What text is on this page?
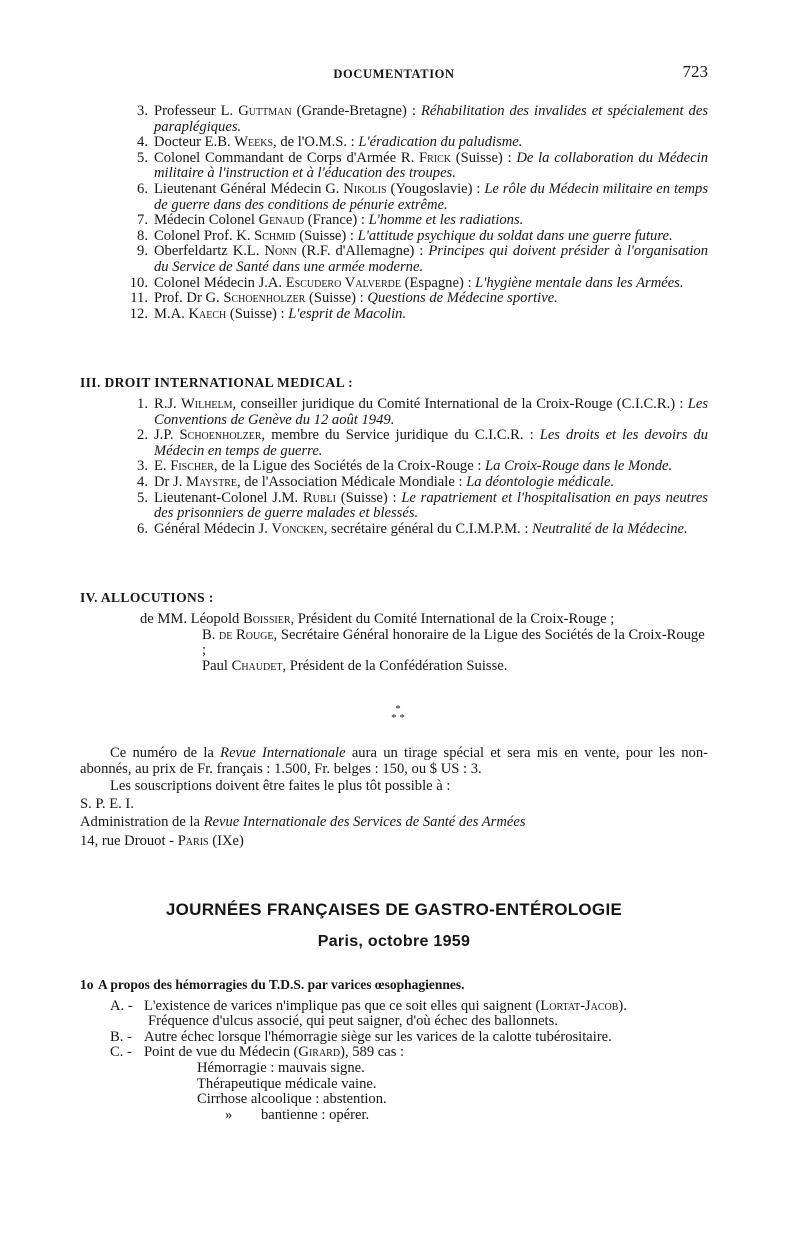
DOCUMENTATION	723
3. Professeur L. Guttman (Grande-Bretagne) : Réhabilitation des invalides et spécialement des paraplégiques.
4. Docteur E.B. Weeks, de l'O.M.S. : L'éradication du paludisme.
5. Colonel Commandant de Corps d'Armée R. Frick (Suisse) : De la collaboration du Médecin militaire à l'instruction et à l'éducation des troupes.
6. Lieutenant Général Médecin G. Nikolis (Yougoslavie) : Le rôle du Médecin militaire en temps de guerre dans des conditions de pénurie extrême.
7. Médecin Colonel Genaud (France) : L'homme et les radiations.
8. Colonel Prof. K. Schmid (Suisse) : L'attitude psychique du soldat dans une guerre future.
9. Oberfeldartz K.L. Nonn (R.F. d'Allemagne) : Principes qui doivent présider à l'organisation du Service de Santé dans une armée moderne.
10. Colonel Médecin J.A. Escudero Valverde (Espagne) : L'hygiène mentale dans les Armées.
11. Prof. Dr G. Schoenholzer (Suisse) : Questions de Médecine sportive.
12. M.A. Kaech (Suisse) : L'esprit de Macolin.
III. DROIT INTERNATIONAL MEDICAL :
1. R.J. Wilhelm, conseiller juridique du Comité International de la Croix-Rouge (C.I.C.R.) : Les Conventions de Genève du 12 août 1949.
2. J.P. Schoenholzer, membre du Service juridique du C.I.C.R. : Les droits et les devoirs du Médecin en temps de guerre.
3. E. Fischer, de la Ligue des Sociétés de la Croix-Rouge : La Croix-Rouge dans le Monde.
4. Dr J. Maystre, de l'Association Médicale Mondiale : La déontologie médicale.
5. Lieutenant-Colonel J.M. Rubli (Suisse) : Le rapatriement et l'hospitalisation en pays neutres des prisonniers de guerre malades et blessés.
6. Général Médecin J. Voncken, secrétaire général du C.I.M.P.M. : Neutralité de la Médecine.
IV. ALLOCUTIONS :
de MM. Léopold Boissier, Président du Comité International de la Croix-Rouge ;
B. de Rouge, Secrétaire Général honoraire de la Ligue des Sociétés de la Croix-Rouge ;
Paul Chaudet, Président de la Confédération Suisse.
*
* *

Ce numéro de la Revue Internationale aura un tirage spécial et sera mis en vente, pour les non-abonnés, au prix de Fr. français : 1.500, Fr. belges : 150, ou $ US : 3.

Les souscriptions doivent être faites le plus tôt possible à :

S. P. E. I.

Administration de la Revue Internationale des Services de Santé des Armées

14, rue Drouot - Paris (IXe)

JOURNÉES FRANÇAISES DE GASTRO-ENTÉROLOGIE
Paris, octobre 1959
1o A propos des hémorragies du T.D.S. par varices œsophagiennes.
A. - L'existence de varices n'implique pas que ce soit elles qui saignent (Lortat-Jacob).
Fréquence d'ulcus associé, qui peut saigner, d'où échec des ballonnets.
B. - Autre échec lorsque l'hémorragie siège sur les varices de la calotte tubérositaire.
C. - Point de vue du Médecin (Girard), 589 cas :
Hémorragie : mauvais signe.
Thérapeutique médicale vaine.
Cirrhose alcoolique : abstention.
» bantienne : opérer.
